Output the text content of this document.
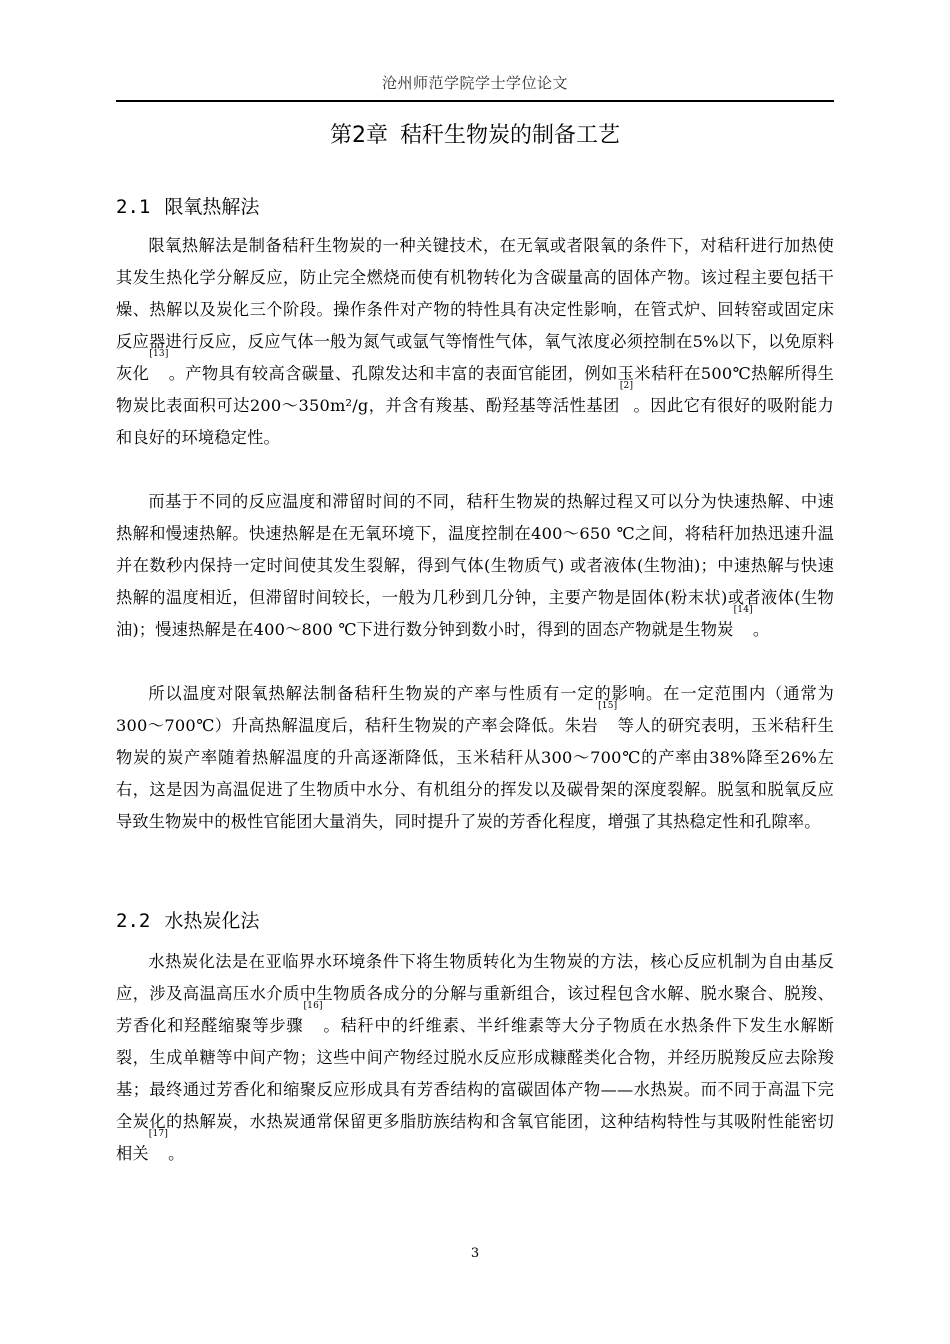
沧州师范学院学士学位论文
第2章 秸秆生物炭的制备工艺
2.1 限氧热解法

限氧热解法是制备秸秆生物炭的一种关键技术，在无氧或者限氧的条件下，对秸秆进行加热使其发生热化学分解反应，防止完全燃烧而使有机物转化为含碳量高的固体产物。该过程主要包括干燥、热解以及炭化三个阶段。操作条件对产物的特性具有决定性影响，在管式炉、回转窑或固定床反应器进行反应，反应气体一般为氮气或氩气等惰性气体，氧气浓度必须控制在5%以下，以免原料灰化[13]。产物具有较高含碳量、孔隙发达和丰富的表面官能团，例如玉米秸秆在500℃热解所得生物炭比表面积可达200～350m²/g，并含有羧基、酚羟基等活性基团[2]。因此它有很好的吸附能力和良好的环境稳定性。

而基于不同的反应温度和滞留时间的不同，秸秆生物炭的热解过程又可以分为快速热解、中速热解和慢速热解。快速热解是在无氧环境下，温度控制在400～650 ℃之间，将秸秆加热迅速升温并在数秒内保持一定时间使其发生裂解，得到气体(生物质气) 或者液体(生物油)；中速热解与快速热解的温度相近，但滞留时间较长，一般为几秒到几分钟，主要产物是固体(粉末状)或者液体(生物油)；慢速热解是在400～800 ℃下进行数分钟到数小时，得到的固态产物就是生物炭[14]。

所以温度对限氧热解法制备秸秆生物炭的产率与性质有一定的影响。在一定范围内（通常为300～700℃）升高热解温度后，秸秆生物炭的产率会降低。朱岩[15]等人的研究表明，玉米秸秆生物炭的炭产率随着热解温度的升高逐渐降低，玉米秸秆从300～700℃的产率由38%降至26%左右，这是因为高温促进了生物质中水分、有机组分的挥发以及碳骨架的深度裂解。脱氢和脱氧反应导致生物炭中的极性官能团大量消失，同时提升了炭的芳香化程度，增强了其热稳定性和孔隙率。

2.2 水热炭化法

水热炭化法是在亚临界水环境条件下将生物质转化为生物炭的方法，核心反应机制为自由基反应，涉及高温高压水介质中生物质各成分的分解与重新组合，该过程包含水解、脱水聚合、脱羧、芳香化和羟醛缩聚等步骤[16]。秸秆中的纤维素、半纤维素等大分子物质在水热条件下发生水解断裂，生成单糖等中间产物；这些中间产物经过脱水反应形成糠醛类化合物，并经历脱羧反应去除羧基；最终通过芳香化和缩聚反应形成具有芳香结构的富碳固体产物——水热炭。而不同于高温下完全炭化的热解炭，水热炭通常保留更多脂肪族结构和含氧官能团，这种结构特性与其吸附性能密切相关[17]。

3
